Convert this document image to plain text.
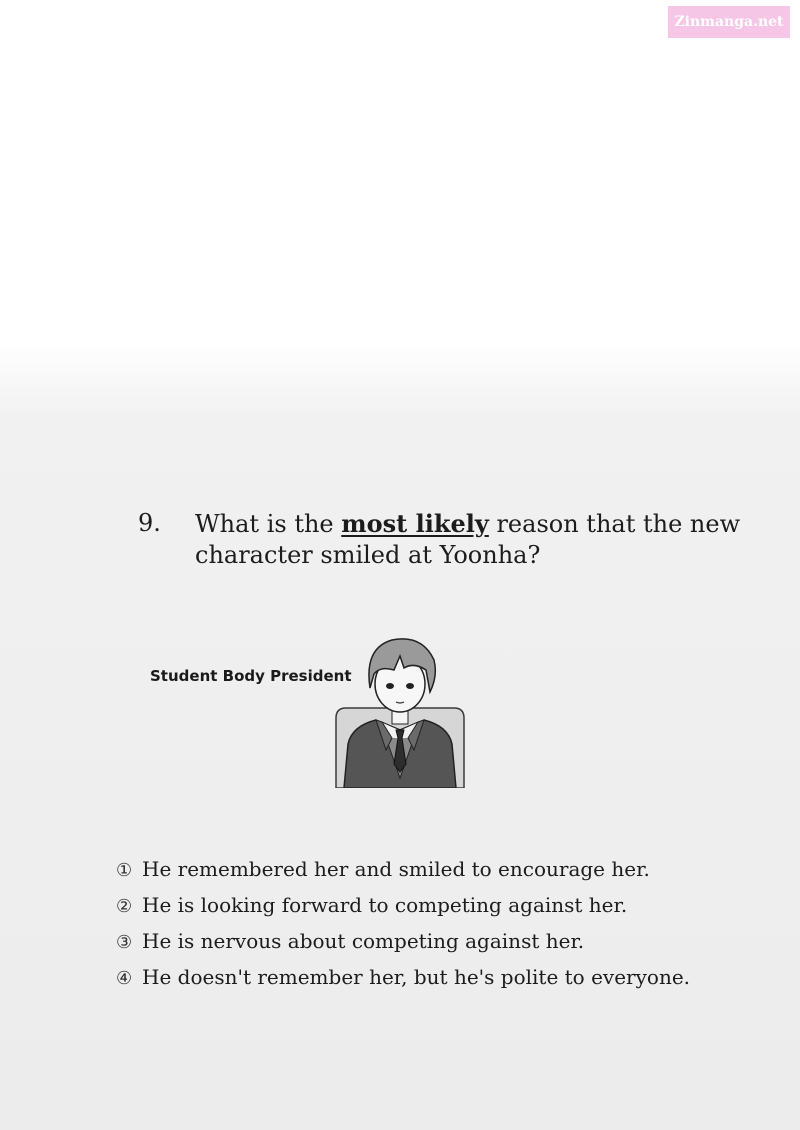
Zinmanga.net
9.	What is the most likely reason that the new character smiled at Yoonha?
Student Body President
① He remembered her and smiled to encourage her.
② He is looking forward to competing against her.
③ He is nervous about competing against her.
④ He doesn't remember her, but he's polite to everyone.
